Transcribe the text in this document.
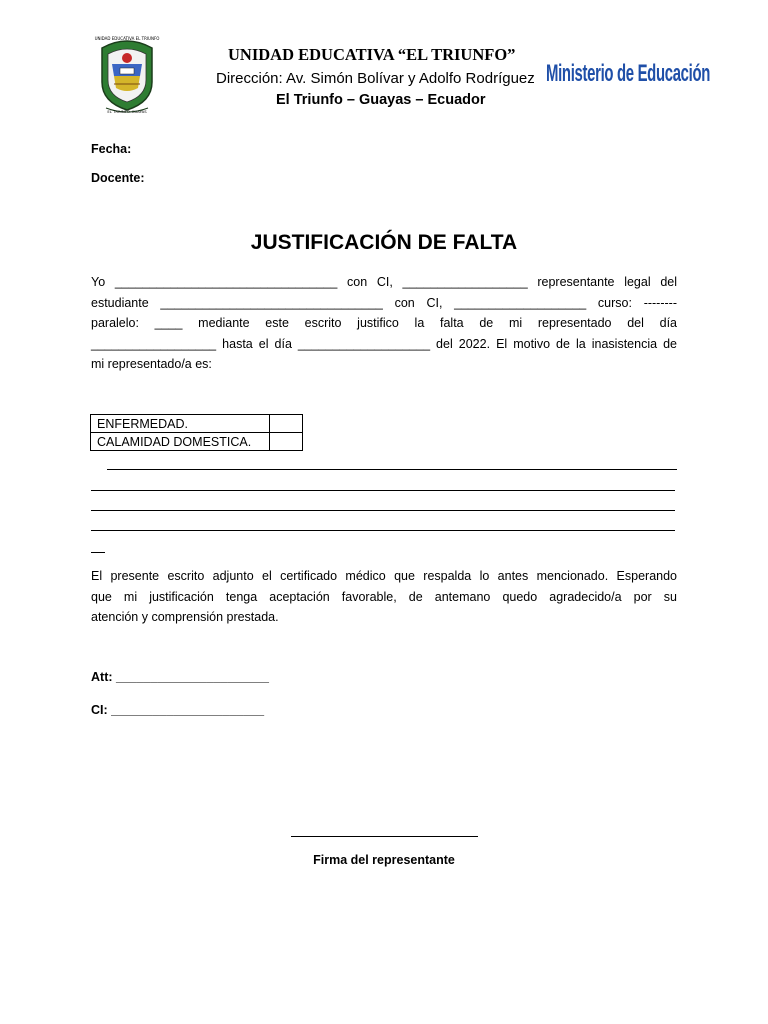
UNIDAD EDUCATIVA EL TRIUNFO
EL TRIUNFO-GUAYAS
UNIDAD EDUCATIVA “EL TRIUNFO”
Dirección: Av. Simón Bolívar y Adolfo Rodríguez
El Triunfo – Guayas – Ecuador
Ministerio de Educación
Fecha:
Docente:
JUSTIFICACIÓN DE FALTA
Yo ________________________________ con CI, __________________ representante legal del
estudiante ________________________________ con CI, ___________________ curso: --------
paralelo: ____ mediante este escrito justifico la falta de mi representado del día
__________________ hasta el día ___________________ del 2022. El motivo de la inasistencia de
mi representado/a es:
ENFERMEDAD.	
CALAMIDAD DOMESTICA.	
El presente escrito adjunto el certificado médico que respalda lo antes mencionado. Esperando
que mi justificación tenga aceptación favorable, de antemano quedo agradecido/a por su
atención y comprensión prestada.
Att: ______________________
CI: ______________________
Firma del representante
